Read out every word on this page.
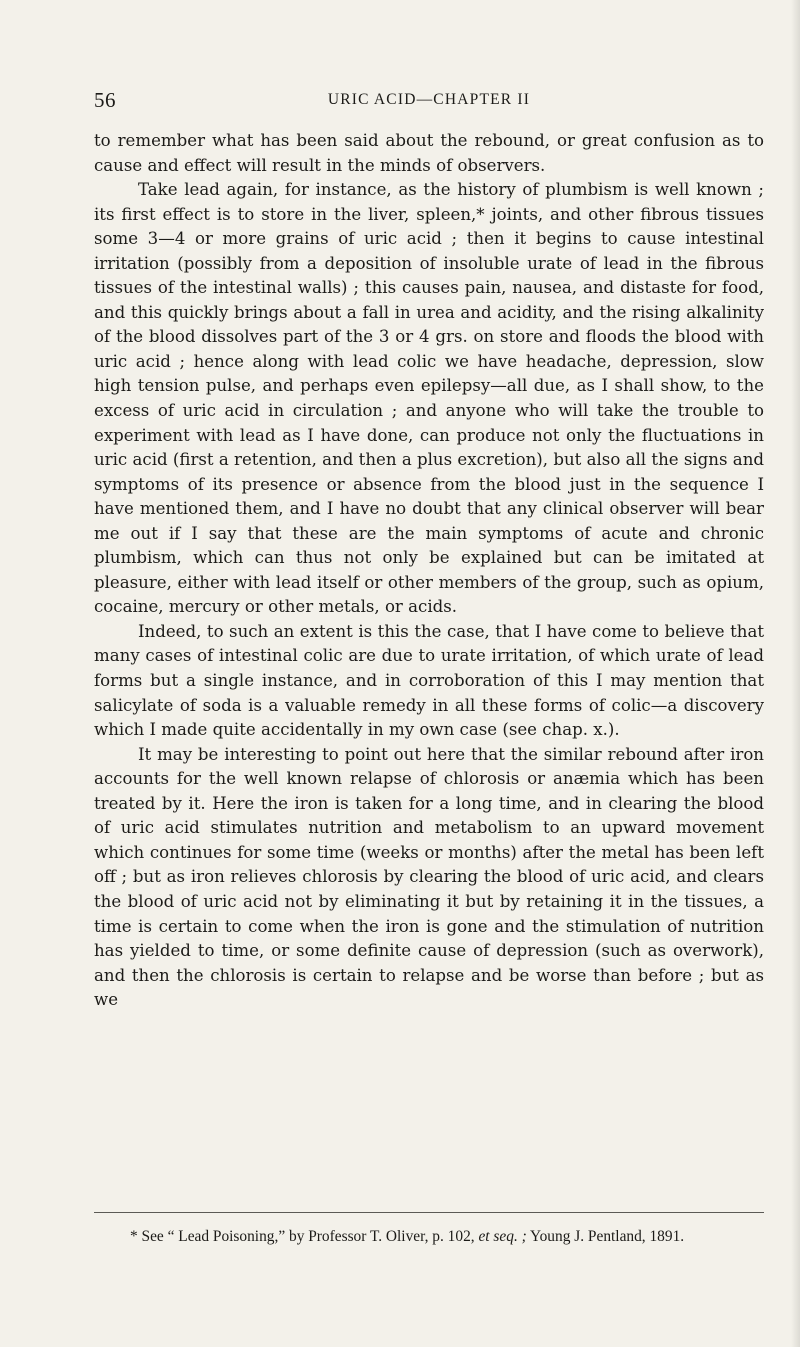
56	URIC ACID—CHAPTER II

to remember what has been said about the rebound, or great confusion as to cause and effect will result in the minds of observers.

Take lead again, for instance, as the history of plumbism is well known ; its first effect is to store in the liver, spleen,* joints, and other fibrous tissues some 3—4 or more grains of uric acid ; then it begins to cause intestinal irritation (possibly from a deposition of insoluble urate of lead in the fibrous tissues of the intestinal walls) ; this causes pain, nausea, and distaste for food, and this quickly brings about a fall in urea and acidity, and the rising alkalinity of the blood dissolves part of the 3 or 4 grs. on store and floods the blood with uric acid ; hence along with lead colic we have headache, depression, slow high tension pulse, and perhaps even epilepsy—all due, as I shall show, to the excess of uric acid in circulation ; and anyone who will take the trouble to experiment with lead as I have done, can produce not only the fluctuations in uric acid (first a retention, and then a plus excretion), but also all the signs and symptoms of its presence or absence from the blood just in the sequence I have mentioned them, and I have no doubt that any clinical observer will bear me out if I say that these are the main symptoms of acute and chronic plumbism, which can thus not only be explained but can be imitated at pleasure, either with lead itself or other members of the group, such as opium, cocaine, mercury or other metals, or acids.

Indeed, to such an extent is this the case, that I have come to believe that many cases of intestinal colic are due to urate irritation, of which urate of lead forms but a single instance, and in corroboration of this I may mention that salicylate of soda is a valuable remedy in all these forms of colic—a discovery which I made quite accidentally in my own case (see chap. x.).

It may be interesting to point out here that the similar rebound after iron accounts for the well known relapse of chlorosis or anæmia which has been treated by it. Here the iron is taken for a long time, and in clearing the blood of uric acid stimulates nutrition and metabolism to an upward movement which continues for some time (weeks or months) after the metal has been left off ; but as iron relieves chlorosis by clearing the blood of uric acid, and clears the blood of uric acid not by eliminating it but by retaining it in the tissues, a time is certain to come when the iron is gone and the stimulation of nutrition has yielded to time, or some definite cause of depression (such as overwork), and then the chlorosis is certain to relapse and be worse than before ; but as we

* See “ Lead Poisoning,” by Professor T. Oliver, p. 102, et seq. ; Young J. Pentland, 1891.
